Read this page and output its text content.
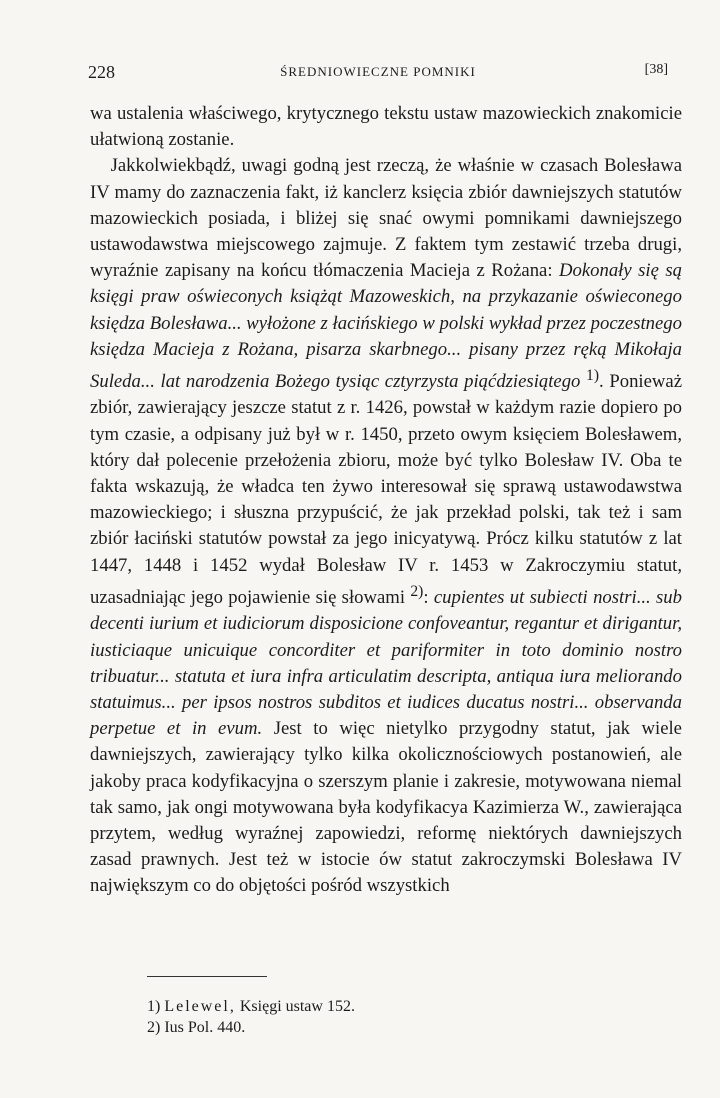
228	ŚREDNIOWIECZNE POMNIKI	[38]

wa ustalenia właściwego, krytycznego tekstu ustaw mazowieckich znakomicie ułatwioną zostanie.

Jakkolwiekbądź, uwagi godną jest rzeczą, że właśnie w czasach Bolesława IV mamy do zaznaczenia fakt, iż kanclerz księcia zbiór dawniejszych statutów mazowieckich posiada, i bliżej się snać owymi pomnikami dawniejszego ustawodawstwa miejscowego zajmuje. Z faktem tym zestawić trzeba drugi, wyraźnie zapisany na końcu tłómaczenia Macieja z Rożana: Dokonały się są księgi praw oświeconych książąt Mazoweskich, na przykazanie oświeconego księdza Bolesława... wyłożone z łacińskiego w polski wykład przez poczestnego księdza Macieja z Rożana, pisarza skarbnego... pisany przez ręką Mikołaja Suleda... lat narodzenia Bożego tysiąc cztyrzysta piąćdziesiątego $^{1)}$. Ponieważ zbiór, zawierający jeszcze statut z r. 1426, powstał w każdym razie dopiero po tym czasie, a odpisany już był w r. 1450, przeto owym księciem Bolesławem, który dał polecenie przełożenia zbioru, może być tylko Bolesław IV. Oba te fakta wskazują, że władca ten żywo interesował się sprawą ustawodawstwa mazowieckiego; i słuszna przypuścić, że jak przekład polski, tak też i sam zbiór łaciński statutów powstał za jego inicyatywą. Prócz kilku statutów z lat 1447, 1448 i 1452 wydał Bolesław IV r. 1453 w Zakroczymiu statut, uzasadniając jego pojawienie się słowami $^{2)}$: cupientes ut subiecti nostri... sub decenti iurium et iudiciorum disposicione confoveantur, regantur et dirigantur, iusticiaque unicuique concorditer et pariformiter in toto dominio nostro tribuatur... statuta et iura infra articulatim descripta, antiqua iura meliorando statuimus... per ipsos nostros subditos et iudices ducatus nostri... observanda perpetue et in evum. Jest to więc nietylko przygodny statut, jak wiele dawniejszych, zawierający tylko kilka okolicznościowych postanowień, ale jakoby praca kodyfikacyjna o szerszym planie i zakresie, motywowana niemal tak samo, jak ongi motywowana była kodyfikacya Kazimierza W., zawierająca przytem, według wyraźnej zapowiedzi, reformę niektórych dawniejszych zasad prawnych. Jest też w istocie ów statut zakroczymski Bolesława IV największym co do objętości pośród wszystkich

1) Lelewel, Księgi ustaw 152.

2) Ius Pol. 440.
